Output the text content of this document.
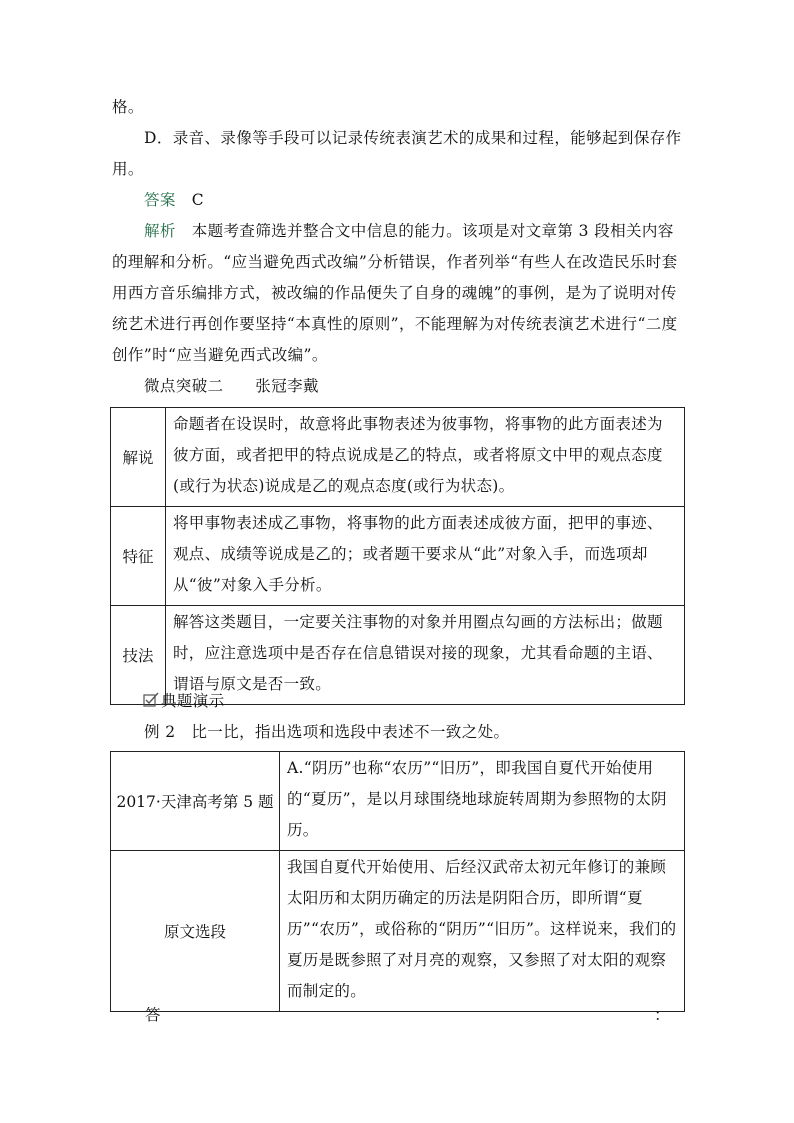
格。

D．录音、录像等手段可以记录传统表演艺术的成果和过程，能够起到保存作用。

答案　 C

解析　 本题考查筛选并整合文中信息的能力。该项是对文章第 3 段相关内容的理解和分析。“应当避免西式改编”分析错误，作者列举“有些人在改造民乐时套用西方音乐编排方式，被改编的作品便失了自身的魂魄”的事例，是为了说明对传统艺术进行再创作要坚持“本真性的原则”，不能理解为对传统表演艺术进行“二度创作”时“应当避免西式改编”。

微点突破二　　张冠李戴

解说	命题者在设误时，故意将此事物表述为彼事物，将事物的此方面表述为彼方面，或者把甲的特点说成是乙的特点，或者将原文中甲的观点态度(或行为状态)说成是乙的观点态度(或行为状态)。
特征	将甲事物表述成乙事物，将事物的此方面表述成彼方面，把甲的事迹、观点、成绩等说成是乙的；或者题干要求从“此”对象入手，而选项却从“彼”对象入手分析。
技法	解答这类题目，一定要关注事物的对象并用圈点勾画的方法标出；做题时，应注意选项中是否存在信息错误对接的现象，尤其看命题的主语、谓语与原文是否一致。

典题演示

例 2　比一比，指出选项和选段中表述不一致之处。

2017·天津高考第 5 题	A.“阴历”也称“农历”“旧历”，即我国自夏代开始使用的“夏历”，是以月球围绕地球旋转周期为参照物的太阴历。
原文选段	我国自夏代开始使用、后经汉武帝太初元年修订的兼顾太阳历和太阴历确定的历法是阴阳合历，即所谓“夏历”“农历”，或俗称的“阴历”“旧历”。这样说来，我们的夏历是既参照了对月亮的观察，又参照了对太阳的观察而制定的。

答	：
